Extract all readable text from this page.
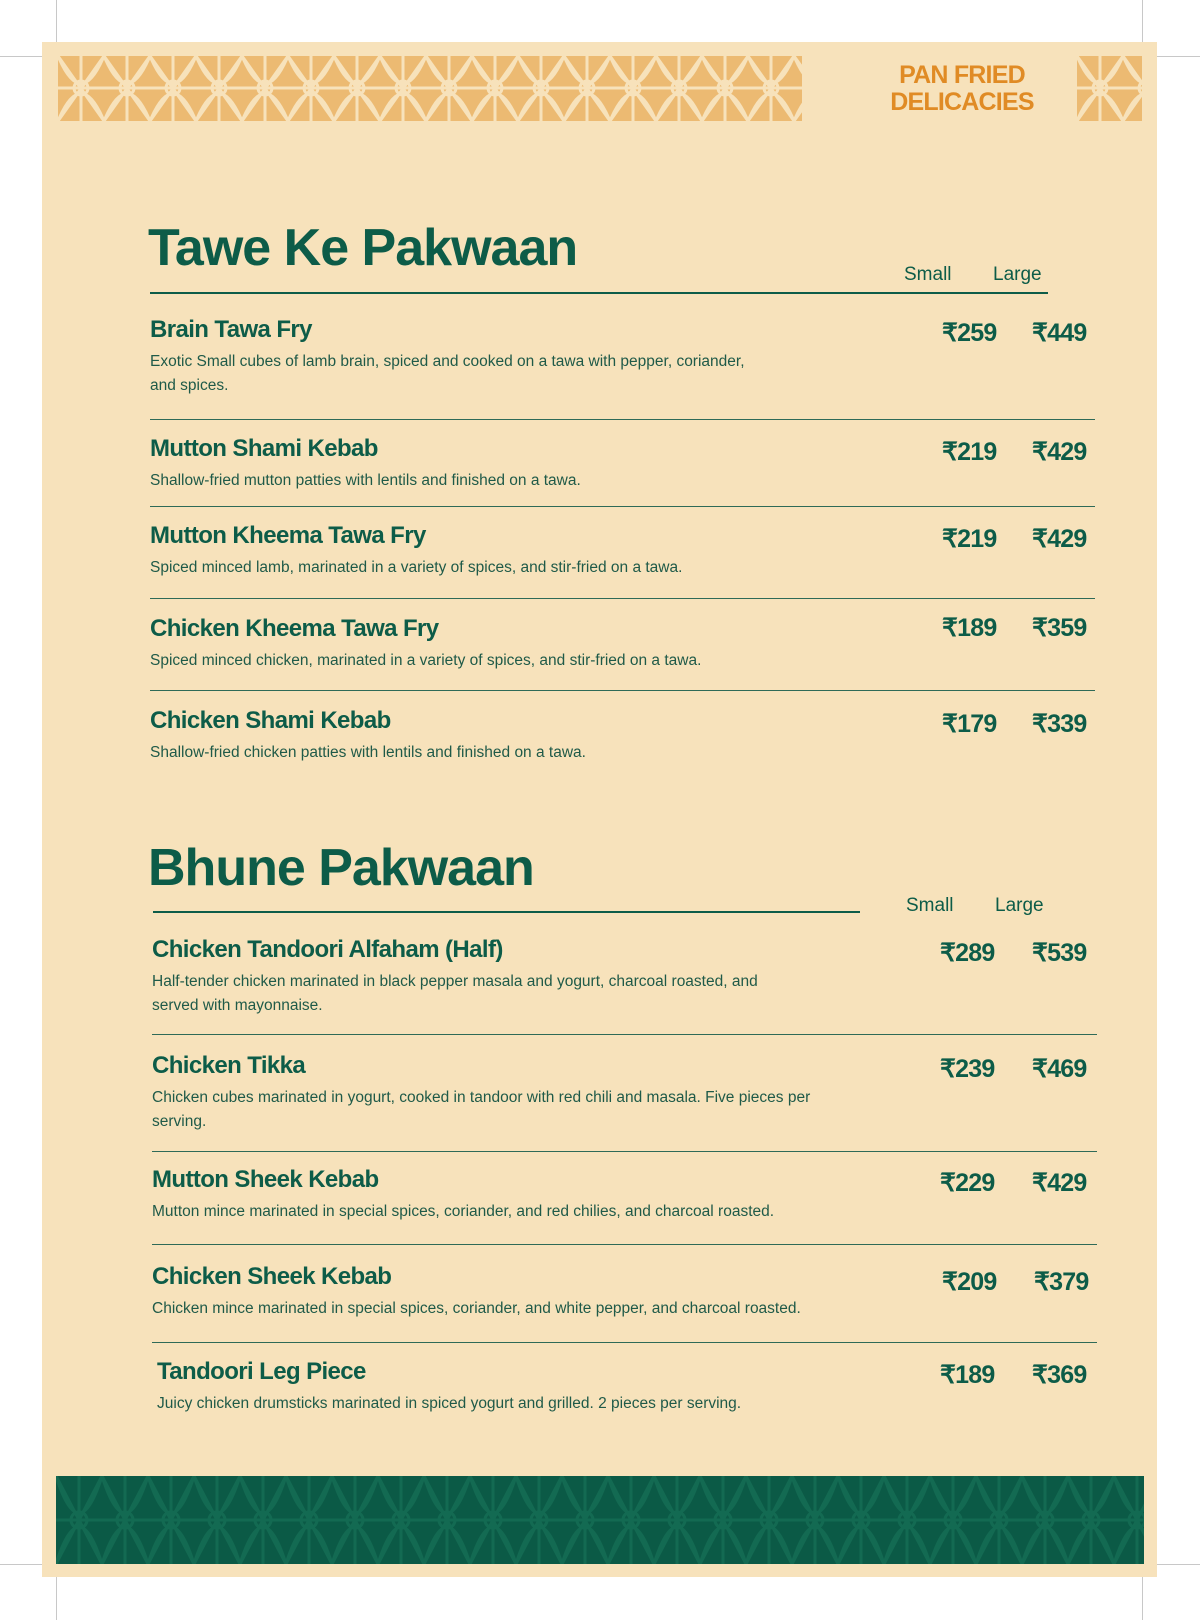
PAN FRIED
DELICACIES
Tawe Ke Pakwaan	Small Large
Brain Tawa Fry
Exotic Small cubes of lamb brain, spiced and cooked on a tawa with pepper, coriander, and spices.
₹259 ₹449
Mutton Shami Kebab
Shallow-fried mutton patties with lentils and finished on a tawa.
₹219 ₹429
Mutton Kheema Tawa Fry
Spiced minced lamb, marinated in a variety of spices, and stir-fried on a tawa.
₹219 ₹429
Chicken Kheema Tawa Fry
Spiced minced chicken, marinated in a variety of spices, and stir-fried on a tawa.
₹189 ₹359
Chicken Shami Kebab
Shallow-fried chicken patties with lentils and finished on a tawa.
₹179 ₹339
Bhune Pakwaan
Small Large
Chicken Tandoori Alfaham (Half)
Half-tender chicken marinated in black pepper masala and yogurt, charcoal roasted, and served with mayonnaise.
₹289 ₹539
Chicken Tikka
Chicken cubes marinated in yogurt, cooked in tandoor with red chili and masala. Five pieces per serving.
₹239 ₹469
Mutton Sheek Kebab
Mutton mince marinated in special spices, coriander, and red chilies, and charcoal roasted.
₹229 ₹429
Chicken Sheek Kebab
Chicken mince marinated in special spices, coriander, and white pepper, and charcoal roasted.
₹209 ₹379
Tandoori Leg Piece
Juicy chicken drumsticks marinated in spiced yogurt and grilled. 2 pieces per serving.
₹189 ₹369
